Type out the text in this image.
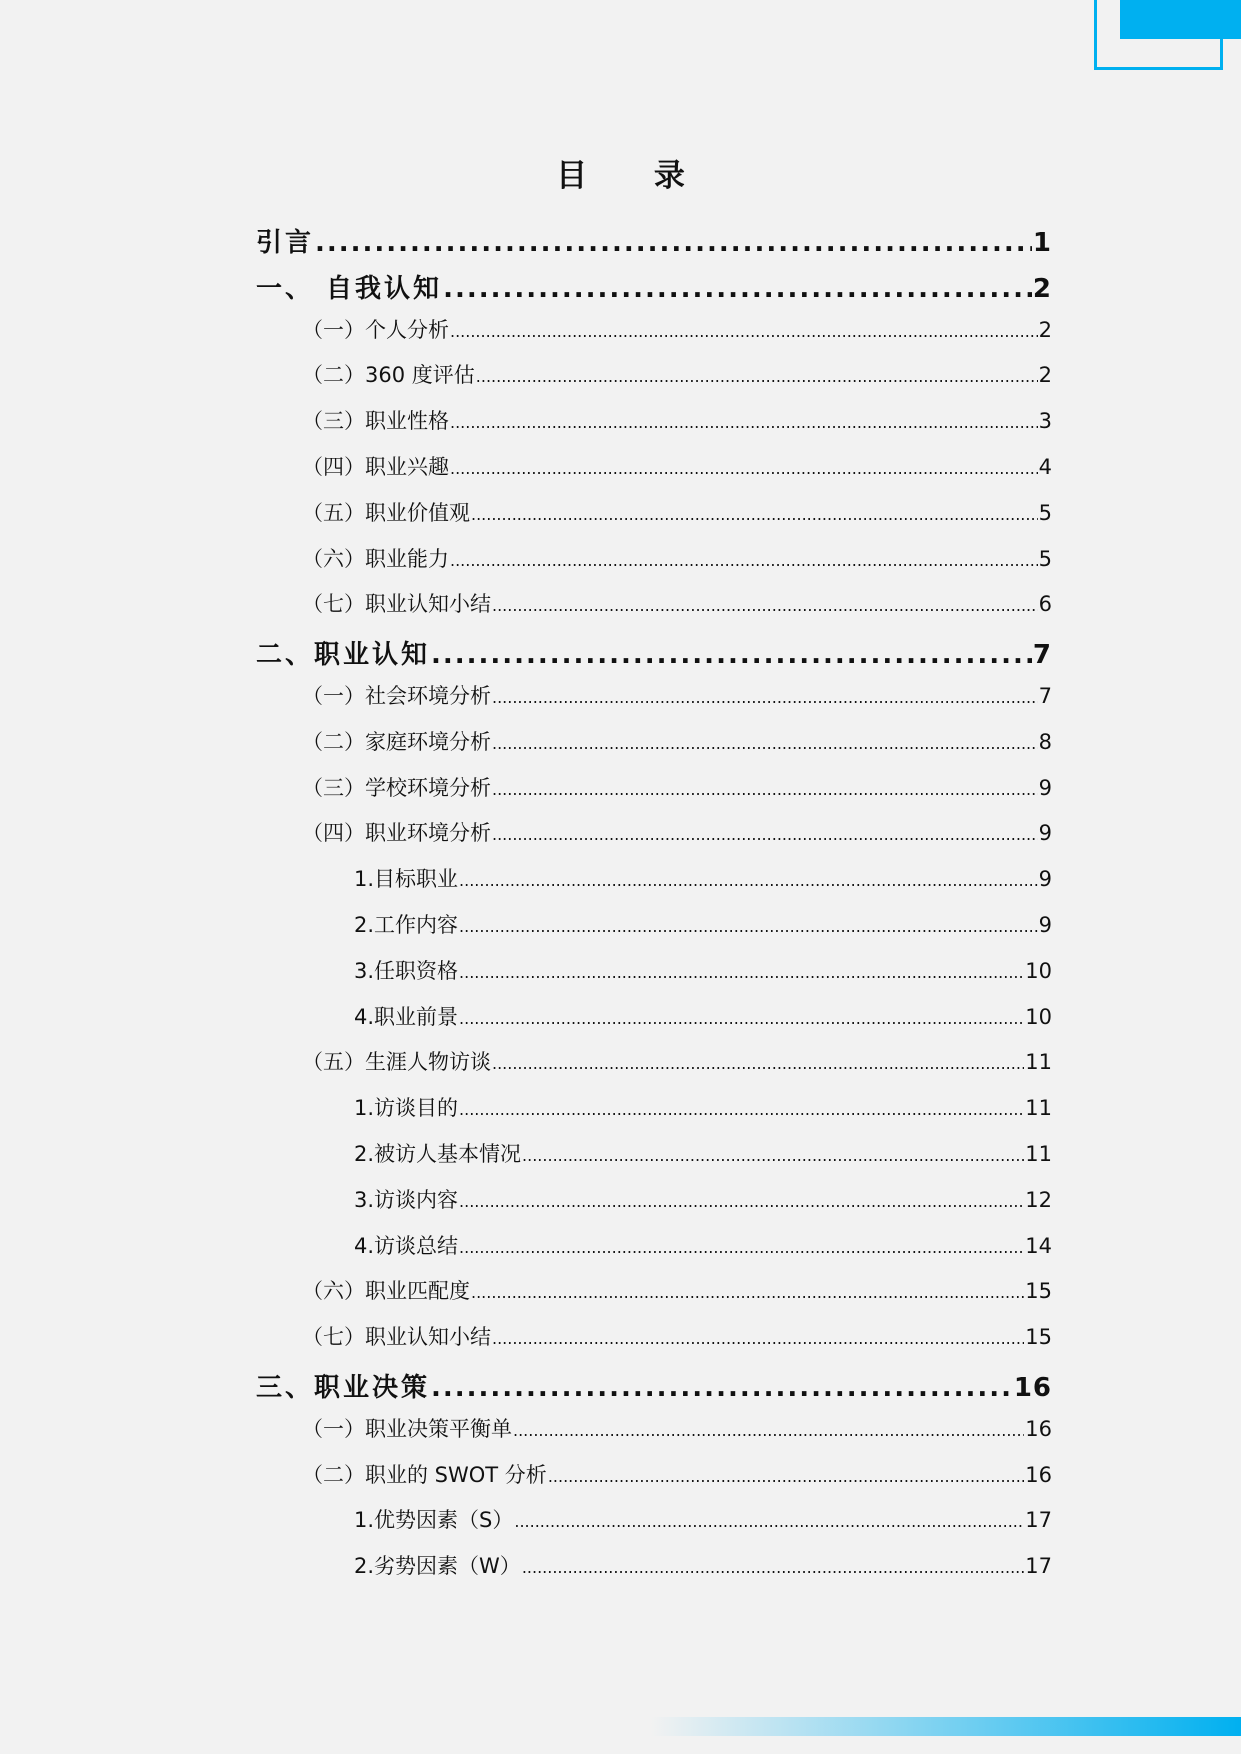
目 录
引言 .....	1
一、 自我认知 .....	2
（一）个人分析 .....	2
（二）360 度评估 .....	2
（三）职业性格 .....	3
（四）职业兴趣 .....	4
（五）职业价值观 .....	5
（六）职业能力 .....	5
（七）职业认知小结 .....	6
二、职业认知 .....	7
（一）社会环境分析 .....	7
（二）家庭环境分析 .....	8
（三）学校环境分析 .....	9
（四）职业环境分析 .....	9
1.目标职业 .....	9
2.工作内容 .....	9
3.任职资格 .....	10
4.职业前景 .....	10
（五）生涯人物访谈 .....	11
1.访谈目的 .....	11
2.被访人基本情况 .....	11
3.访谈内容 .....	12
4.访谈总结 .....	14
（六）职业匹配度 .....	15
（七）职业认知小结 .....	15
三、职业决策 .....	16
（一）职业决策平衡单 .....	16
（二）职业的 SWOT 分析 .....	16
1.优势因素（S） .....	17
2.劣势因素（W） .....	17
